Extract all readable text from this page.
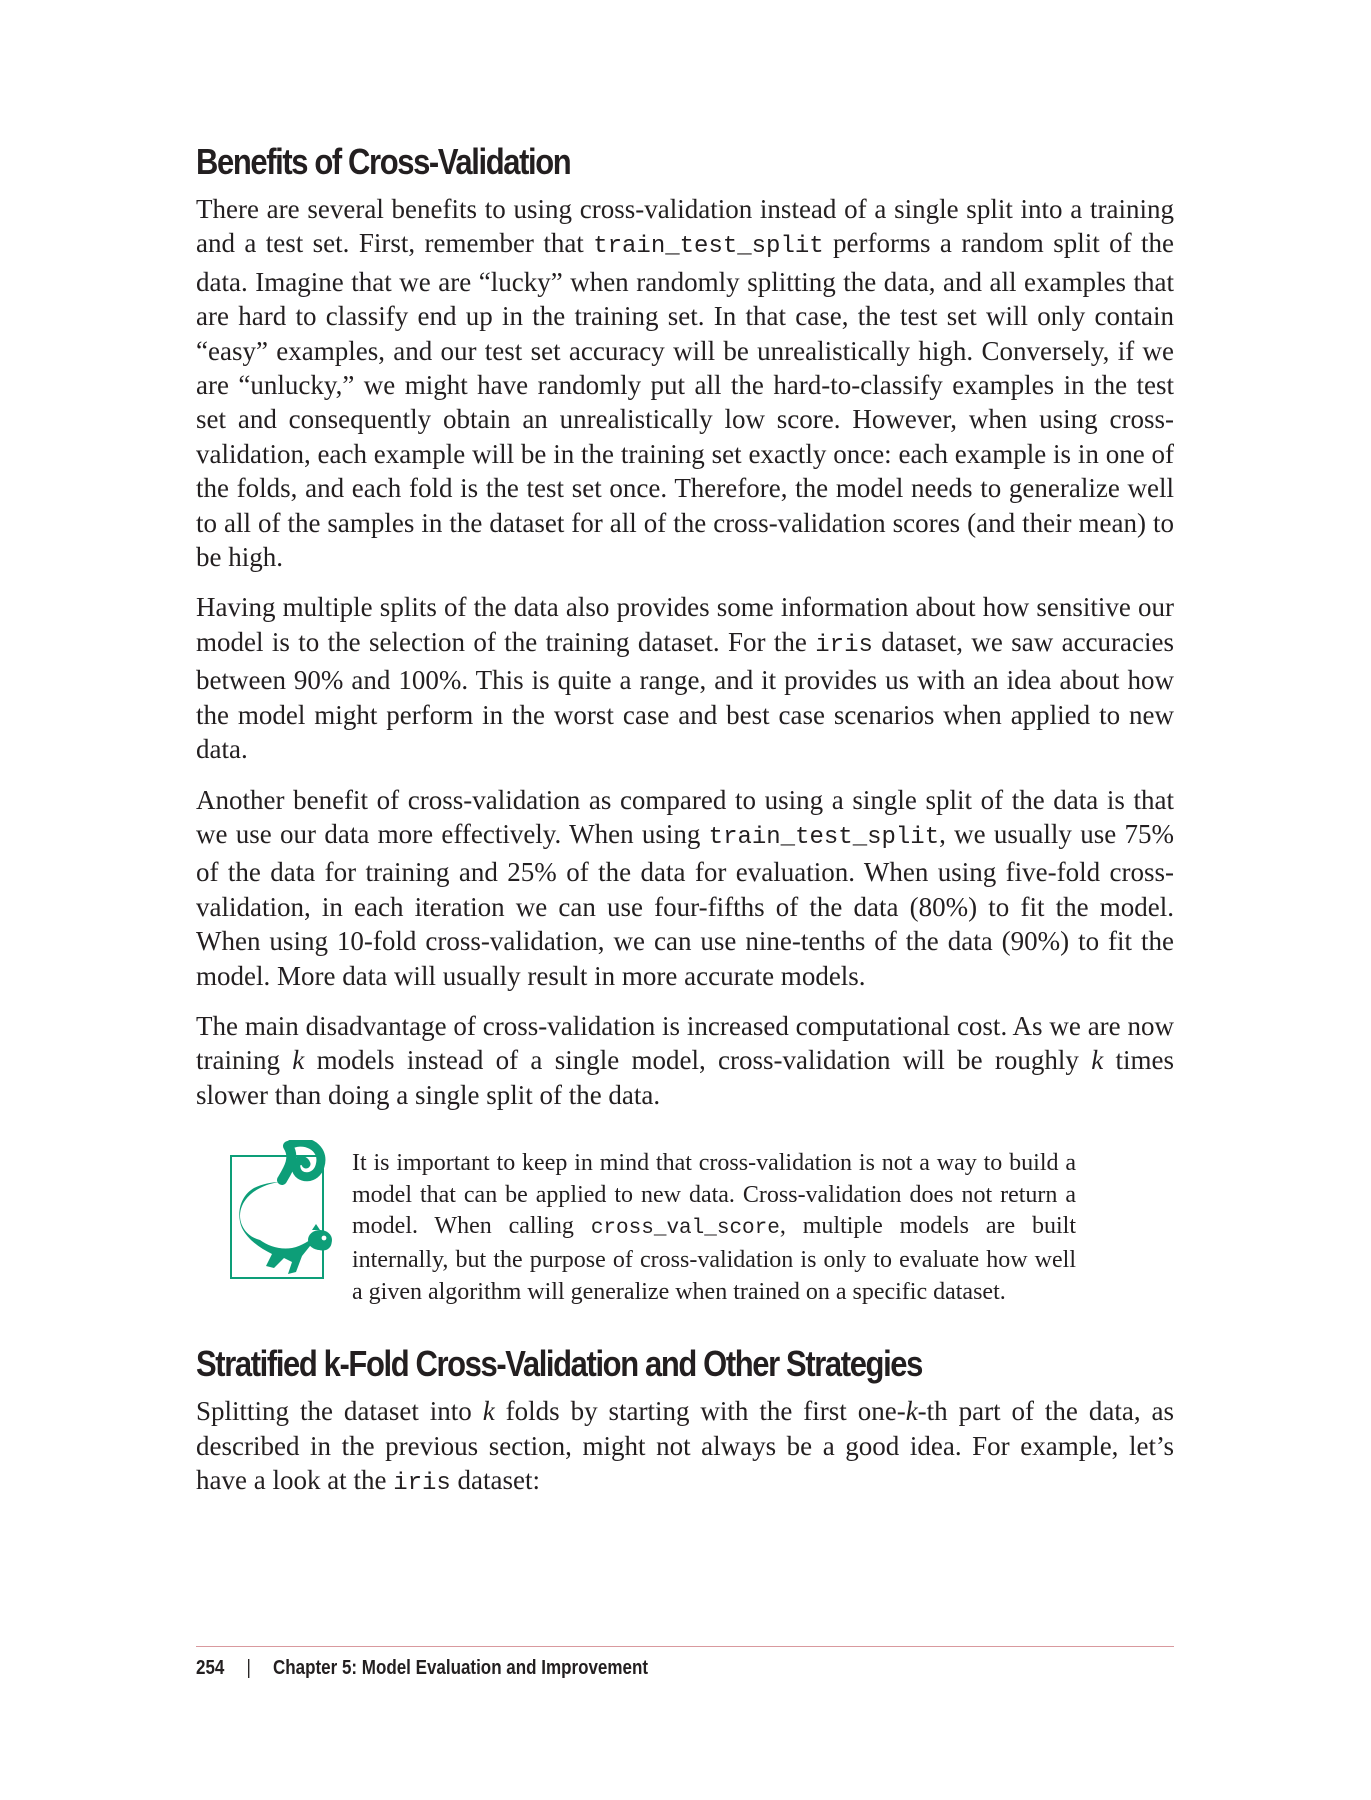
Benefits of Cross-Validation

There are several benefits to using cross-validation instead of a single split into a training and a test set. First, remember that train_test_split performs a random split of the data. Imagine that we are “lucky” when randomly splitting the data, and all examples that are hard to classify end up in the training set. In that case, the test set will only contain “easy” examples, and our test set accuracy will be unrealistically high. Conversely, if we are “unlucky,” we might have randomly put all the hard-to-classify examples in the test set and consequently obtain an unrealistically low score. However, when using cross-validation, each example will be in the training set exactly once: each example is in one of the folds, and each fold is the test set once. Therefore, the model needs to generalize well to all of the samples in the dataset for all of the cross-validation scores (and their mean) to be high.

Having multiple splits of the data also provides some information about how sensitive our model is to the selection of the training dataset. For the iris dataset, we saw accuracies between 90% and 100%. This is quite a range, and it provides us with an idea about how the model might perform in the worst case and best case scenarios when applied to new data.

Another benefit of cross-validation as compared to using a single split of the data is that we use our data more effectively. When using train_test_split, we usually use 75% of the data for training and 25% of the data for evaluation. When using five-fold cross-validation, in each iteration we can use four-fifths of the data (80%) to fit the model. When using 10-fold cross-validation, we can use nine-tenths of the data (90%) to fit the model. More data will usually result in more accurate models.

The main disadvantage of cross-validation is increased computational cost. As we are now training k models instead of a single model, cross-validation will be roughly k times slower than doing a single split of the data.

It is important to keep in mind that cross-validation is not a way to build a model that can be applied to new data. Cross-validation does not return a model. When calling cross_val_score, multiple models are built internally, but the purpose of cross-validation is only to evaluate how well a given algorithm will generalize when trained on a specific dataset.

Stratified k-Fold Cross-Validation and Other Strategies

Splitting the dataset into k folds by starting with the first one-k-th part of the data, as described in the previous section, might not always be a good idea. For example, let’s have a look at the iris dataset:

254 | Chapter 5: Model Evaluation and Improvement
